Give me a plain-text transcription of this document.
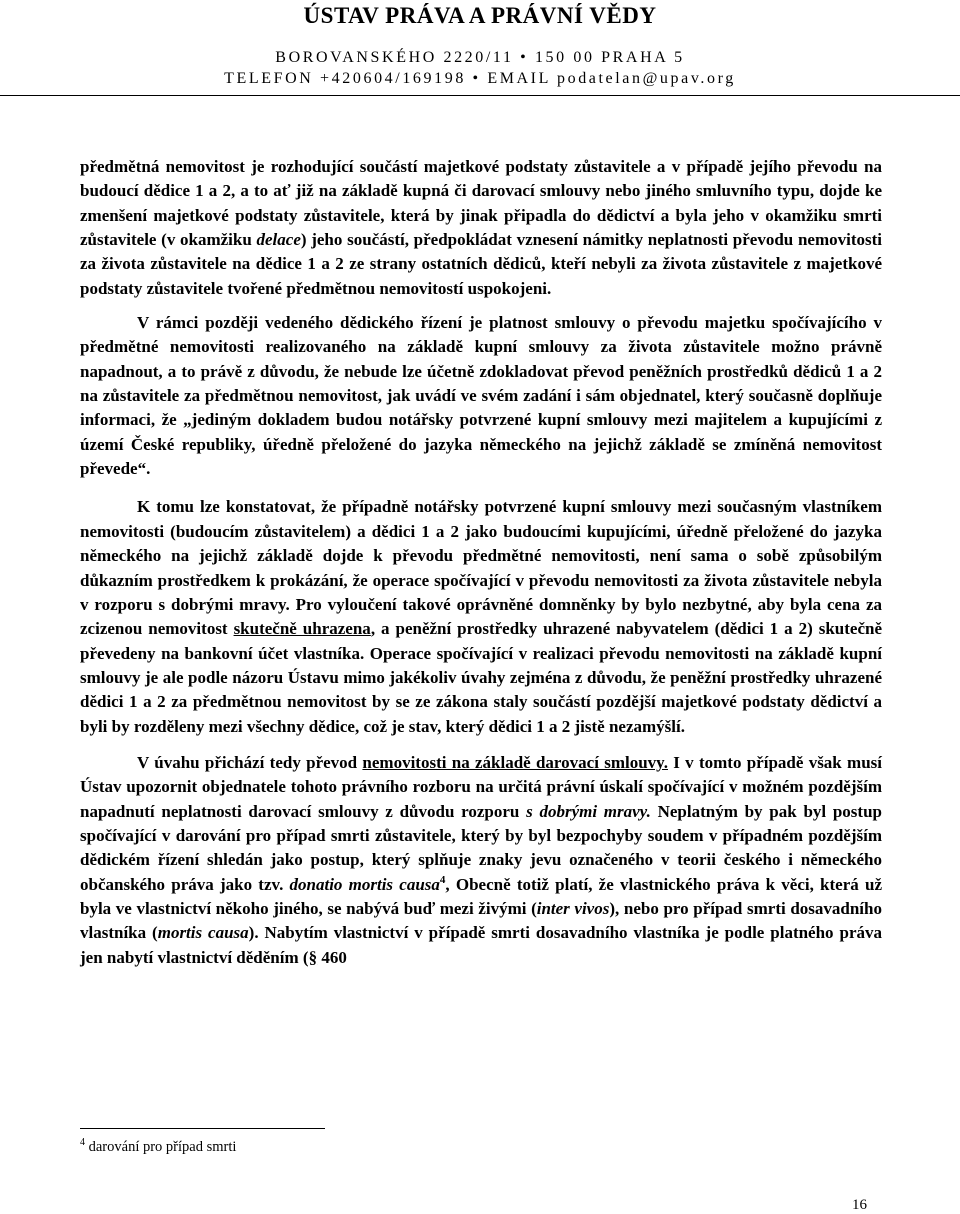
ÚSTAV PRÁVA A PRÁVNÍ VĚDY
BOROVANSKÉHO 2220/11 • 150 00 PRAHA 5
TELEFON +420604/169198 • EMAIL podatelan@upav.org

předmětná nemovitost je rozhodující součástí majetkové podstaty zůstavitele a v případě jejího převodu na budoucí dědice 1 a 2, a to ať již na základě kupná či darovací smlouvy nebo jiného smluvního typu, dojde ke zmenšení majetkové podstaty zůstavitele, která by jinak připadla do dědictví a byla jeho v okamžiku smrti zůstavitele (v okamžiku delace) jeho součástí, předpokládat vznesení námitky neplatnosti převodu nemovitosti za života zůstavitele na dědice 1 a 2 ze strany ostatních dědiců, kteří nebyli za života zůstavitele z majetkové podstaty zůstavitele tvořené předmětnou nemovitostí uspokojeni.

V rámci později vedeného dědického řízení je platnost smlouvy o převodu majetku spočívajícího v předmětné nemovitosti realizovaného na základě kupní smlouvy za života zůstavitele možno právně napadnout, a to právě z důvodu, že nebude lze účetně zdokladovat převod peněžních prostředků dědiců 1 a 2 na zůstavitele za předmětnou nemovitost, jak uvádí ve svém zadání i sám objednatel, který současně doplňuje informaci, že „jediným dokladem budou notářsky potvrzené kupní smlouvy mezi majitelem a kupujícími z území České republiky, úředně přeložené do jazyka německého na jejichž základě se zmíněná nemovitost převede“.

K tomu lze konstatovat, že případně notářsky potvrzené kupní smlouvy mezi současným vlastníkem nemovitosti (budoucím zůstavitelem) a dědici 1 a 2 jako budoucími kupujícími, úředně přeložené do jazyka německého na jejichž základě dojde k převodu předmětné nemovitosti, není sama o sobě způsobilým důkazním prostředkem k prokázání, že operace spočívající v převodu nemovitosti za života zůstavitele nebyla v rozporu s dobrými mravy. Pro vyloučení takové oprávněné domněnky by bylo nezbytné, aby byla cena za zcizenou nemovitost skutečně uhrazena, a peněžní prostředky uhrazené nabyvatelem (dědici 1 a 2) skutečně převedeny na bankovní účet vlastníka. Operace spočívající v realizaci převodu nemovitosti na základě kupní smlouvy je ale podle názoru Ústavu mimo jakékoliv úvahy zejména z důvodu, že peněžní prostředky uhrazené dědici 1 a 2 za předmětnou nemovitost by se ze zákona staly součástí pozdější majetkové podstaty dědictví a byli by rozděleny mezi všechny dědice, což je stav, který dědici 1 a 2 jistě nezamýšlí.

V úvahu přichází tedy převod nemovitosti na základě darovací smlouvy. I v tomto případě však musí Ústav upozornit objednatele tohoto právního rozboru na určitá právní úskalí spočívající v možném pozdějším napadnutí neplatnosti darovací smlouvy z důvodu rozporu s dobrými mravy. Neplatným by pak byl postup spočívající v darování pro případ smrti zůstavitele, který by byl bezpochyby soudem v případném pozdějším dědickém řízení shledán jako postup, který splňuje znaky jevu označeného v teorii českého i německého občanského práva jako tzv. donatio mortis causa$^4$, Obecně totiž platí, že vlastnického práva k věci, která už byla ve vlastnictví někoho jiného, se nabývá buď mezi živými (inter vivos), nebo pro případ smrti dosavadního vlastníka (mortis causa). Nabytím vlastnictví v případě smrti dosavadního vlastníka je podle platného práva jen nabytí vlastnictví děděním (§ 460

$^4$ darování pro případ smrti
16
